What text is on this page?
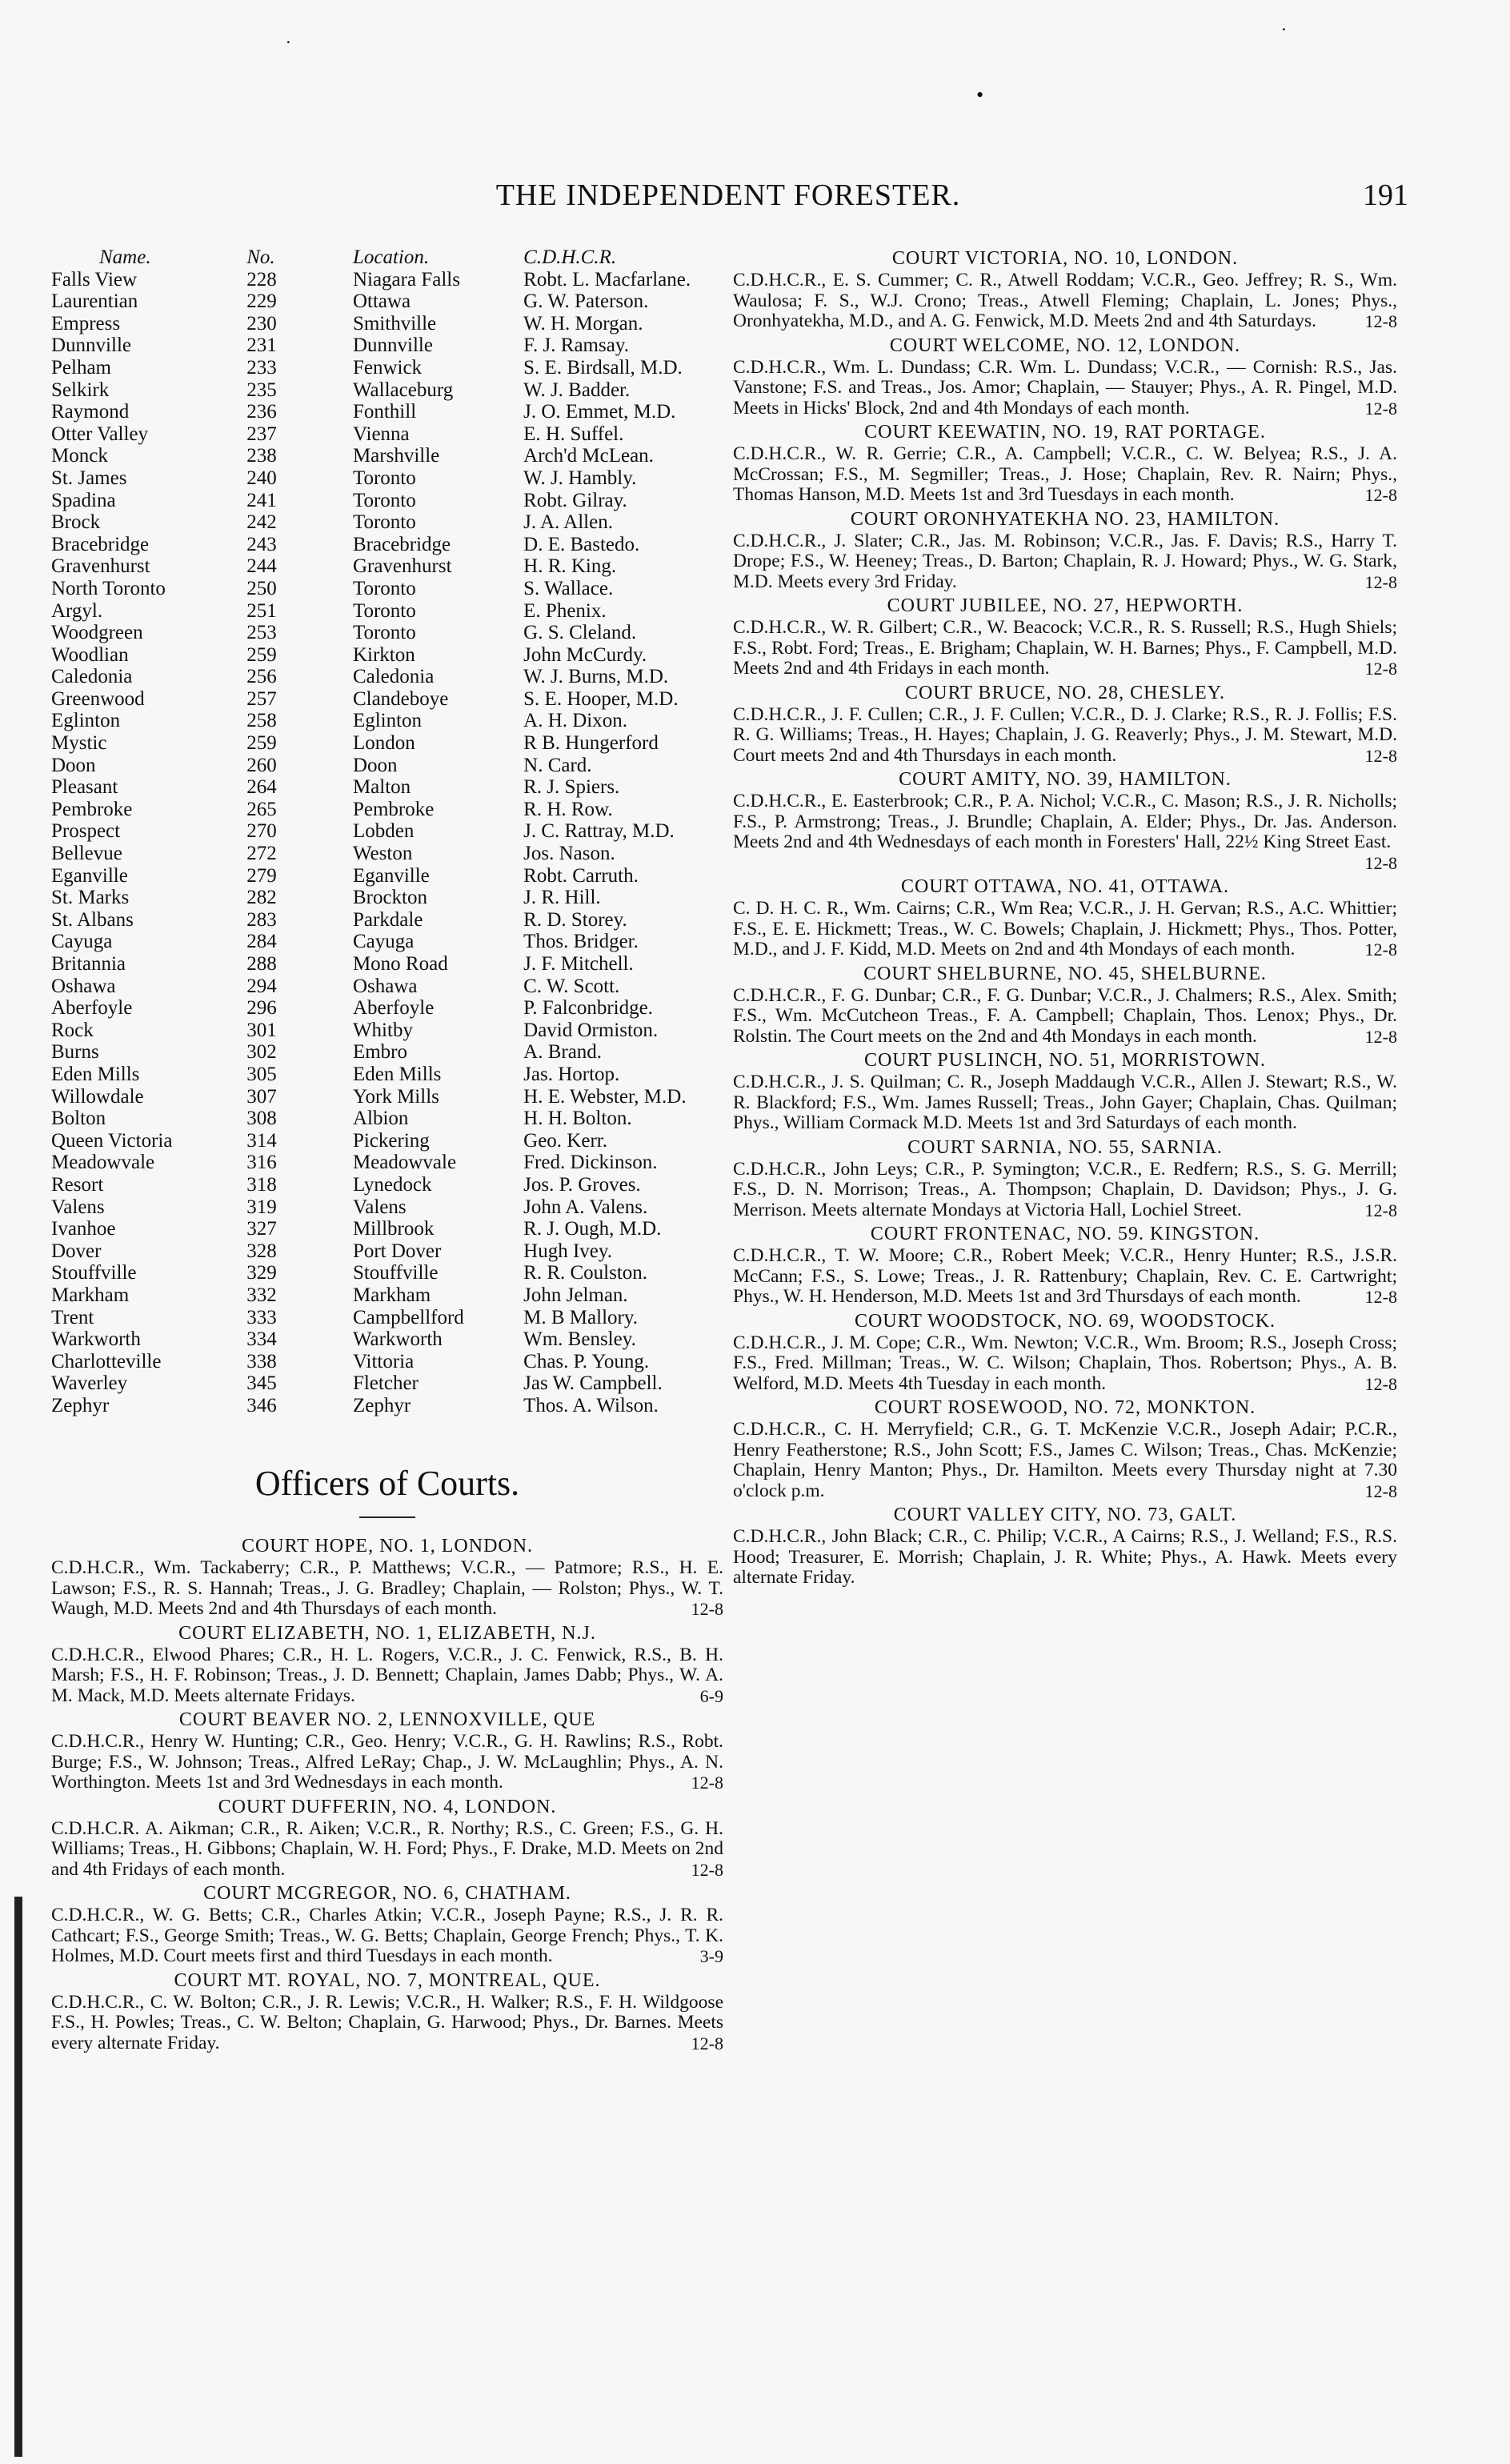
˙
•
˙
THE INDEPENDENT FORESTER.	191
Name.	No.	Location.	C.D.H.C.R.
Falls View	228	Niagara Falls	Robt. L. Macfarlane.
Laurentian	229	Ottawa	G. W. Paterson.
Empress	230	Smithville	W. H. Morgan.
Dunnville	231	Dunnville	F. J. Ramsay.
Pelham	233	Fenwick	S. E. Birdsall, M.D.
Selkirk	235	Wallaceburg	W. J. Badder.
Raymond	236	Fonthill	J. O. Emmet, M.D.
Otter Valley	237	Vienna	E. H. Suffel.
Monck	238	Marshville	Arch'd McLean.
St. James	240	Toronto	W. J. Hambly.
Spadina	241	Toronto	Robt. Gilray.
Brock	242	Toronto	J. A. Allen.
Bracebridge	243	Bracebridge	D. E. Bastedo.
Gravenhurst	244	Gravenhurst	H. R. King.
North Toronto	250	Toronto	S. Wallace.
Argyl.	251	Toronto	E. Phenix.
Woodgreen	253	Toronto	G. S. Cleland.
Woodlian	259	Kirkton	John McCurdy.
Caledonia	256	Caledonia	W. J. Burns, M.D.
Greenwood	257	Clandeboye	S. E. Hooper, M.D.
Eglinton	258	Eglinton	A. H. Dixon.
Mystic	259	London	R B. Hungerford
Doon	260	Doon	N. Card.
Pleasant	264	Malton	R. J. Spiers.
Pembroke	265	Pembroke	R. H. Row.
Prospect	270	Lobden	J. C. Rattray, M.D.
Bellevue	272	Weston	Jos. Nason.
Eganville	279	Eganville	Robt. Carruth.
St. Marks	282	Brockton	J. R. Hill.
St. Albans	283	Parkdale	R. D. Storey.
Cayuga	284	Cayuga	Thos. Bridger.
Britannia	288	Mono Road	J. F. Mitchell.
Oshawa	294	Oshawa	C. W. Scott.
Aberfoyle	296	Aberfoyle	P. Falconbridge.
Rock	301	Whitby	David Ormiston.
Burns	302	Embro	A. Brand.
Eden Mills	305	Eden Mills	Jas. Hortop.
Willowdale	307	York Mills	H. E. Webster, M.D.
Bolton	308	Albion	H. H. Bolton.
Queen Victoria	314	Pickering	Geo. Kerr.
Meadowvale	316	Meadowvale	Fred. Dickinson.
Resort	318	Lynedock	Jos. P. Groves.
Valens	319	Valens	John A. Valens.
Ivanhoe	327	Millbrook	R. J. Ough, M.D.
Dover	328	Port Dover	Hugh Ivey.
Stouffville	329	Stouffville	R. R. Coulston.
Markham	332	Markham	John Jelman.
Trent	333	Campbellford	M. B Mallory.
Warkworth	334	Warkworth	Wm. Bensley.
Charlotteville	338	Vittoria	Chas. P. Young.
Waverley	345	Fletcher	Jas W. Campbell.
Zephyr	346	Zephyr	Thos. A. Wilson.
Officers of Courts.
COURT HOPE, NO. 1, LONDON.
C.D.H.C.R., Wm. Tackaberry; C.R., P. Matthews; V.C.R., — Patmore; R.S., H. E. Lawson; F.S., R. S. Hannah; Treas., J. G. Bradley; Chaplain, — Rolston; Phys., W. T. Waugh, M.D. Meets 2nd and 4th Thursdays of each month.	12-8
COURT ELIZABETH, NO. 1, ELIZABETH, N.J.
C.D.H.C.R., Elwood Phares; C.R., H. L. Rogers, V.C.R., J. C. Fenwick, R.S., B. H. Marsh; F.S., H. F. Robinson; Treas., J. D. Bennett; Chaplain, James Dabb; Phys., W. A. M. Mack, M.D. Meets alternate Fridays.	6-9
COURT BEAVER NO. 2, LENNOXVILLE, QUE
C.D.H.C.R., Henry W. Hunting; C.R., Geo. Henry; V.C.R., G. H. Rawlins; R.S., Robt. Burge; F.S., W. Johnson; Treas., Alfred LeRay; Chap., J. W. McLaughlin; Phys., A. N. Worthington. Meets 1st and 3rd Wednesdays in each month.	12-8
COURT DUFFERIN, NO. 4, LONDON.
C.D.H.C.R. A. Aikman; C.R., R. Aiken; V.C.R., R. Northy; R.S., C. Green; F.S., G. H. Williams; Treas., H. Gibbons; Chaplain, W. H. Ford; Phys., F. Drake, M.D. Meets on 2nd and 4th Fridays of each month.	12-8
COURT MCGREGOR, NO. 6, CHATHAM.
C.D.H.C.R., W. G. Betts; C.R., Charles Atkin; V.C.R., Joseph Payne; R.S., J. R. R. Cathcart; F.S., George Smith; Treas., W. G. Betts; Chaplain, George French; Phys., T. K. Holmes, M.D. Court meets first and third Tuesdays in each month.	3-9
COURT MT. ROYAL, NO. 7, MONTREAL, QUE.
C.D.H.C.R., C. W. Bolton; C.R., J. R. Lewis; V.C.R., H. Walker; R.S., F. H. Wildgoose F.S., H. Powles; Treas., C. W. Belton; Chaplain, G. Harwood; Phys., Dr. Barnes. Meets every alternate Friday.	12-8
COURT VICTORIA, NO. 10, LONDON.
C.D.H.C.R., E. S. Cummer; C. R., Atwell Roddam; V.C.R., Geo. Jeffrey; R. S., Wm. Waulosa; F. S., W.J. Crono; Treas., Atwell Fleming; Chaplain, L. Jones; Phys., Oronhyatekha, M.D., and A. G. Fenwick, M.D. Meets 2nd and 4th Saturdays.	12-8
COURT WELCOME, NO. 12, LONDON.
C.D.H.C.R., Wm. L. Dundass; C.R. Wm. L. Dundass; V.C.R., — Cornish: R.S., Jas. Vanstone; F.S. and Treas., Jos. Amor; Chaplain, — Stauyer; Phys., A. R. Pingel, M.D. Meets in Hicks' Block, 2nd and 4th Mondays of each month.	12-8
COURT KEEWATIN, NO. 19, RAT PORTAGE.
C.D.H.C.R., W. R. Gerrie; C.R., A. Campbell; V.C.R., C. W. Belyea; R.S., J. A. McCrossan; F.S., M. Segmiller; Treas., J. Hose; Chaplain, Rev. R. Nairn; Phys., Thomas Hanson, M.D. Meets 1st and 3rd Tuesdays in each month.	12-8
COURT ORONHYATEKHA NO. 23, HAMILTON.
C.D.H.C.R., J. Slater; C.R., Jas. M. Robinson; V.C.R., Jas. F. Davis; R.S., Harry T. Drope; F.S., W. Heeney; Treas., D. Barton; Chaplain, R. J. Howard; Phys., W. G. Stark, M.D. Meets every 3rd Friday.	12-8
COURT JUBILEE, NO. 27, HEPWORTH.
C.D.H.C.R., W. R. Gilbert; C.R., W. Beacock; V.C.R., R. S. Russell; R.S., Hugh Shiels; F.S., Robt. Ford; Treas., E. Brigham; Chaplain, W. H. Barnes; Phys., F. Campbell, M.D. Meets 2nd and 4th Fridays in each month.	12-8
COURT BRUCE, NO. 28, CHESLEY.
C.D.H.C.R., J. F. Cullen; C.R., J. F. Cullen; V.C.R., D. J. Clarke; R.S., R. J. Follis; F.S. R. G. Williams; Treas., H. Hayes; Chaplain, J. G. Reaverly; Phys., J. M. Stewart, M.D. Court meets 2nd and 4th Thursdays in each month.	12-8
COURT AMITY, NO. 39, HAMILTON.
C.D.H.C.R., E. Easterbrook; C.R., P. A. Nichol; V.C.R., C. Mason; R.S., J. R. Nicholls; F.S., P. Armstrong; Treas., J. Brundle; Chaplain, A. Elder; Phys., Dr. Jas. Anderson. Meets 2nd and 4th Wednesdays of each month in Foresters' Hall, 22½ King Street East.
12-8
COURT OTTAWA, NO. 41, OTTAWA.
C. D. H. C. R., Wm. Cairns; C.R., Wm Rea; V.C.R., J. H. Gervan; R.S., A.C. Whittier; F.S., E. E. Hickmett; Treas., W. C. Bowels; Chaplain, J. Hickmett; Phys., Thos. Potter, M.D., and J. F. Kidd, M.D. Meets on 2nd and 4th Mondays of each month.	12-8
COURT SHELBURNE, NO. 45, SHELBURNE.
C.D.H.C.R., F. G. Dunbar; C.R., F. G. Dunbar; V.C.R., J. Chalmers; R.S., Alex. Smith; F.S., Wm. McCutcheon Treas., F. A. Campbell; Chaplain, Thos. Lenox; Phys., Dr. Rolstin. The Court meets on the 2nd and 4th Mondays in each month.	12-8
COURT PUSLINCH, NO. 51, MORRISTOWN.
C.D.H.C.R., J. S. Quilman; C. R., Joseph Maddaugh V.C.R., Allen J. Stewart; R.S., W. R. Blackford; F.S., Wm. James Russell; Treas., John Gayer; Chaplain, Chas. Quilman; Phys., William Cormack M.D. Meets 1st and 3rd Saturdays of each month.
COURT SARNIA, NO. 55, SARNIA.
C.D.H.C.R., John Leys; C.R., P. Symington; V.C.R., E. Redfern; R.S., S. G. Merrill; F.S., D. N. Morrison; Treas., A. Thompson; Chaplain, D. Davidson; Phys., J. G. Merrison. Meets alternate Mondays at Victoria Hall, Lochiel Street.	12-8
COURT FRONTENAC, NO. 59. KINGSTON.
C.D.H.C.R., T. W. Moore; C.R., Robert Meek; V.C.R., Henry Hunter; R.S., J.S.R. McCann; F.S., S. Lowe; Treas., J. R. Rattenbury; Chaplain, Rev. C. E. Cartwright; Phys., W. H. Henderson, M.D. Meets 1st and 3rd Thursdays of each month.	12-8
COURT WOODSTOCK, NO. 69, WOODSTOCK.
C.D.H.C.R., J. M. Cope; C.R., Wm. Newton; V.C.R., Wm. Broom; R.S., Joseph Cross; F.S., Fred. Millman; Treas., W. C. Wilson; Chaplain, Thos. Robertson; Phys., A. B. Welford, M.D. Meets 4th Tuesday in each month.	12-8
COURT ROSEWOOD, NO. 72, MONKTON.
C.D.H.C.R., C. H. Merryfield; C.R., G. T. McKenzie V.C.R., Joseph Adair; P.C.R., Henry Featherstone; R.S., John Scott; F.S., James C. Wilson; Treas., Chas. McKenzie; Chaplain, Henry Manton; Phys., Dr. Hamilton. Meets every Thursday night at 7.30 o'clock p.m.	12-8
COURT VALLEY CITY, NO. 73, GALT.
C.D.H.C.R., John Black; C.R., C. Philip; V.C.R., A Cairns; R.S., J. Welland; F.S., R.S. Hood; Treasurer, E. Morrish; Chaplain, J. R. White; Phys., A. Hawk. Meets every alternate Friday.
